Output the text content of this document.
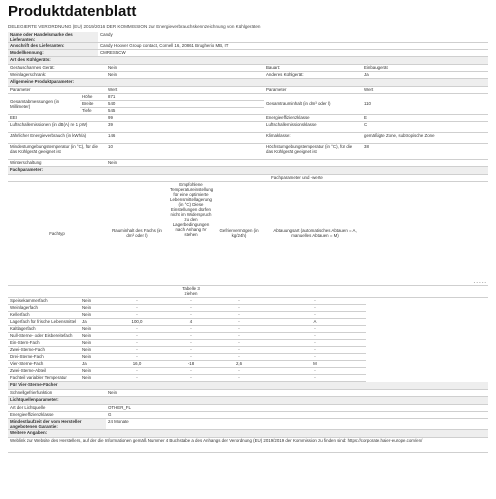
Produktdatenblatt
DELEGIERTE VERORDNUNG (EU) 2019/2016 DER KOMMISSION zur Energieverbrauchskennzeichnung von Kühlgeräten
Name oder Handelsmarke des Lieferanten:	Candy
Anschrift des Lieferanten:	Candy Hoover Group contact, Cornell 16, 20861 Brugherio MB, IT
Modellkennung:	CMRES5CW
Art des Kühlgeräts:			
Geräuscharmes Gerät:	Nein	Bauart:	Einbaugerät
Weinlagerschrank:	Nein	Anderes Kühlgerät:	Ja
Allgemeine Produktparameter:				
Parameter		Wert	Parameter	Wert
Gesamtabmessungen (in Millimeter)	Höhe	871	Gesamtrauminhalt (in dm³ oder l)	110
	Breite	540		
	Tiefe	545		
EEI		99	Energieeffizienzklasse	E
Luftschallemissionen (in dB(A) re 1 pW)		39	Luftschallemissionsklasse	C
Jährlicher Energieverbrauch (in kWh/a)		146	Klimaklasse:	gemäßigte Zone, subtropische Zone
Mindestumgebungstemperatur (in °C), für die das Kühlgerät geeignet ist		10	Höchstumgebungstemperatur (in °C), für die das Kühlgerät geeignet ist	38
Winterschaltung		Nein		
Fachparameter:					
	Fachparameter und -werte				
Fachtyp	Rauminhalt des Fachs (in dm³ oder l)	Empfohlene Temperatureinstellung für eine optimierte Lebensmittellagerung (in °C) Diese Einstellungen dürfen nicht im Widerspruch zu den Lagerbedingungen nach Anhang IV stehen	Gefriervermögen (in kg/24h)	Abtauungsart (automatisches Abtauen = A, manuelles Abtauen = M)	- - - - -

		Tabelle 3
ziehen			

Speisekammerfach	Nein	-	-	-	-
Weinlagerfach	Nein	-	-	-	-
Kellerfach	Nein	-	-	-	-
Lagerfach für frische Lebensmittel	Ja	100,0	4	-	A
Kaltlagerfach	Nein	-	-	-	-
Null-Sterne- oder Eisbereitefach	Nein	-	-	-	-
Ein-Stern-Fach	Nein	-	-	-	-
Zwei-Sterne-Fach	Nein	-	-	-	-
Drei-Sterne-Fach	Nein	-	-	-	-
Vier-Sterne-Fach	Ja	16,0	-18	2,6	M
Zwei-Sterne-Abteil	Nein	-	-	-	-
Fachteil variabler Temperatur	Nein	-	-	-	-
Für Vier-Sterne-Fächer	
Schnellgefrierfunktion	Nein
Lichtquellenparameter:	
Art der Lichtquelle	OTHER_FL
Energieeffizienzklasse	G
Mindestlaufzeit der vom Hersteller angebotenen Garantie:	24 Monate
Weitere Angaben:	
Weblink zur Website des Herstellers, auf der die Informationen gemäß Nummer 4 Buchstabe a des Anhangs der Verordnung (EU) 2019/2019 der Kommission zu finden sind: https://corporate.haier-europe.com/en/	
